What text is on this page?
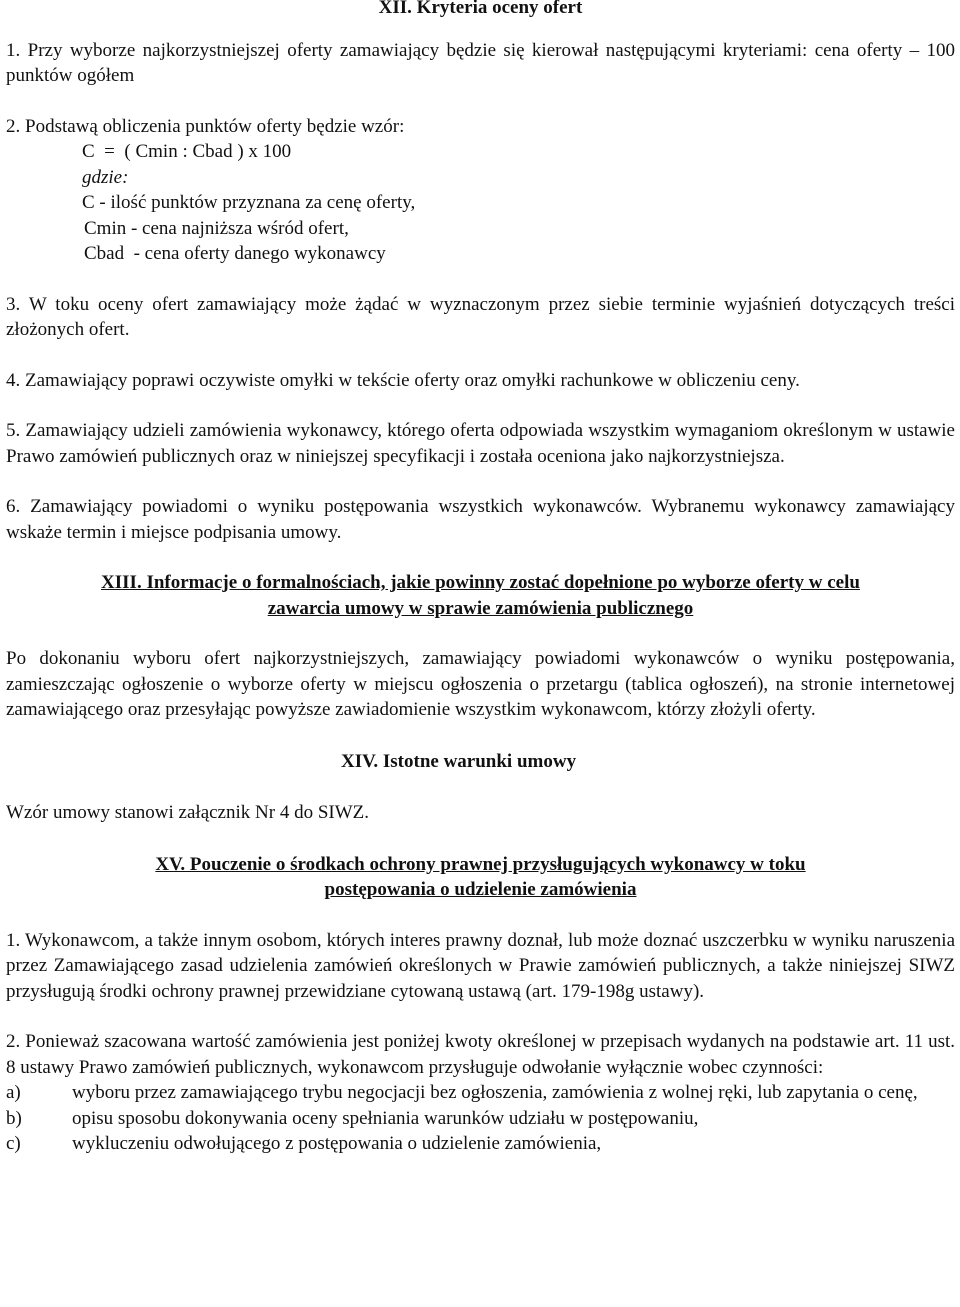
XII. Kryteria oceny ofert

1. Przy wyborze najkorzystniejszej oferty zamawiający będzie się kierował następującymi kryteriami: cena oferty – 100 punktów ogółem

2. Podstawą obliczenia punktów oferty będzie wzór:

C  =  ( Cmin : Cbad ) x 100

gdzie:

C - ilość punktów przyznana za cenę oferty,

Cmin - cena najniższa wśród ofert,

Cbad  - cena oferty danego wykonawcy

3. W toku oceny ofert zamawiający może żądać w wyznaczonym przez siebie terminie wyjaśnień dotyczących treści złożonych ofert.

4. Zamawiający poprawi oczywiste omyłki w tekście oferty oraz omyłki rachunkowe w obliczeniu ceny.

5. Zamawiający udzieli zamówienia wykonawcy, którego oferta odpowiada wszystkim wymaganiom określonym w ustawie Prawo zamówień publicznych oraz w niniejszej specyfikacji i została oceniona jako najkorzystniejsza.

6. Zamawiający powiadomi o wyniku postępowania wszystkich wykonawców. Wybranemu wykonawcy zamawiający wskaże termin i miejsce podpisania umowy.

XIII. Informacje o formalnościach, jakie powinny zostać dopełnione po wyborze oferty w celu

zawarcia umowy w sprawie zamówienia publicznego

Po dokonaniu wyboru ofert najkorzystniejszych, zamawiający powiadomi wykonawców o wyniku postępowania, zamieszczając ogłoszenie o wyborze oferty w miejscu ogłoszenia o przetargu (tablica ogłoszeń), na stronie internetowej zamawiającego oraz przesyłając powyższe zawiadomienie wszystkim wykonawcom, którzy złożyli oferty.

XIV. Istotne warunki umowy

Wzór umowy stanowi załącznik Nr 4 do SIWZ.

XV. Pouczenie o środkach ochrony prawnej przysługujących wykonawcy w toku

postępowania o udzielenie zamówienia

1. Wykonawcom, a także innym osobom, których interes prawny doznał, lub może doznać uszczerbku w wyniku naruszenia przez Zamawiającego zasad udzielenia zamówień określonych w Prawie zamówień publicznych, a także niniejszej SIWZ przysługują środki ochrony prawnej przewidziane cytowaną ustawą (art. 179-198g ustawy).

2. Ponieważ szacowana wartość zamówienia jest poniżej kwoty określonej w przepisach wydanych na podstawie art. 11 ust. 8 ustawy Prawo zamówień publicznych, wykonawcom przysługuje odwołanie wyłącznie wobec czynności:

a)	wyboru przez zamawiającego trybu negocjacji bez ogłoszenia, zamówienia z wolnej ręki, lub zapytania o cenę,
b)	opisu sposobu dokonywania oceny spełniania warunków udziału w postępowaniu,
c)	wykluczeniu odwołującego z postępowania o udzielenie zamówienia,
